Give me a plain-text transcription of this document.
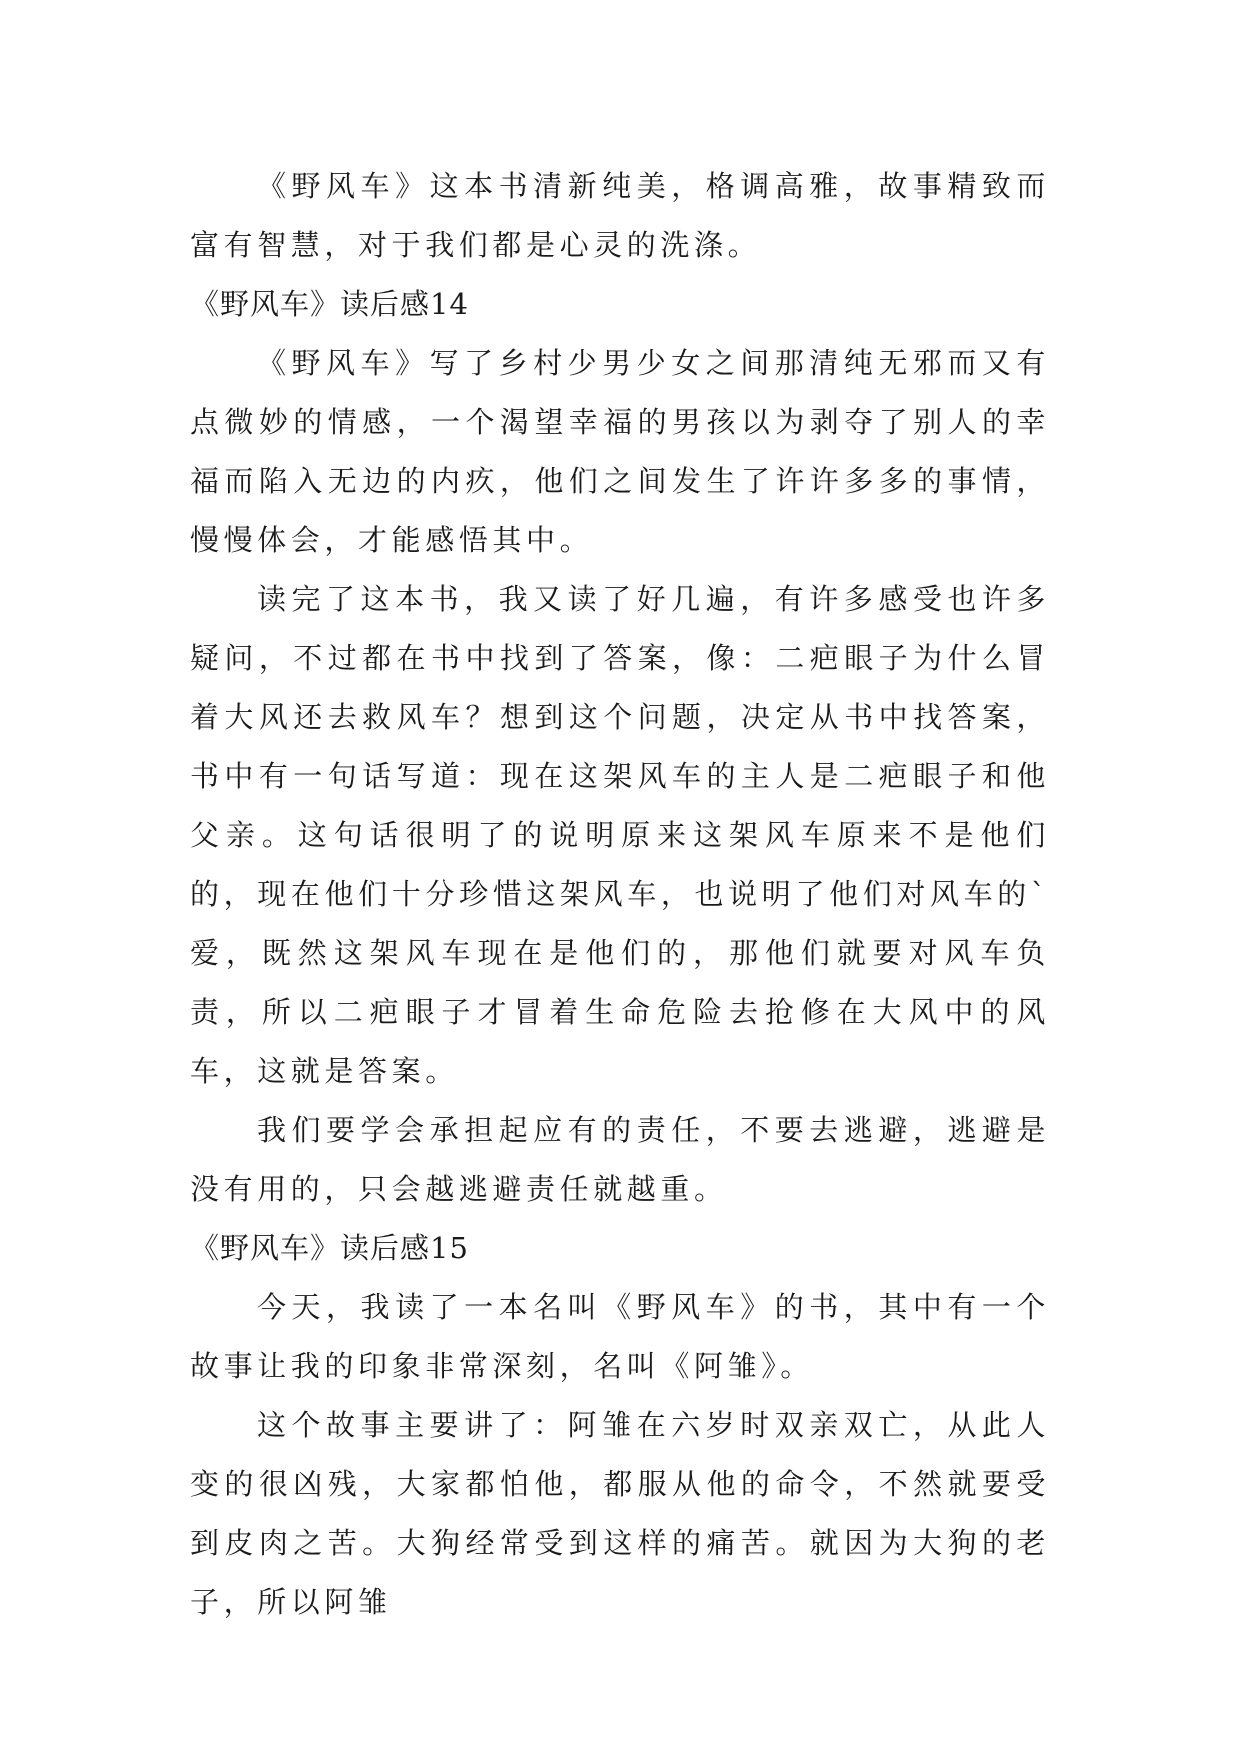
《野风车》这本书清新纯美，格调高雅，故事精致而富有智慧，对于我们都是心灵的洗涤。

《野风车》读后感14

《野风车》写了乡村少男少女之间那清纯无邪而又有点微妙的情感，一个渴望幸福的男孩以为剥夺了别人的幸福而陷入无边的内疚，他们之间发生了许许多多的事情，慢慢体会，才能感悟其中。

读完了这本书，我又读了好几遍，有许多感受也许多疑问，不过都在书中找到了答案，像：二疤眼子为什么冒着大风还去救风车？想到这个问题，决定从书中找答案，书中有一句话写道：现在这架风车的主人是二疤眼子和他父亲。这句话很明了的说明原来这架风车原来不是他们的，现在他们十分珍惜这架风车，也说明了他们对风车的`爱，既然这架风车现在是他们的，那他们就要对风车负责，所以二疤眼子才冒着生命危险去抢修在大风中的风车，这就是答案。

我们要学会承担起应有的责任，不要去逃避，逃避是没有用的，只会越逃避责任就越重。

《野风车》读后感15

今天，我读了一本名叫《野风车》的书，其中有一个故事让我的印象非常深刻，名叫《阿雏》。

这个故事主要讲了：阿雏在六岁时双亲双亡，从此人变的很凶残，大家都怕他，都服从他的命令，不然就要受到皮肉之苦。大狗经常受到这样的痛苦。就因为大狗的老子，所以阿雏
